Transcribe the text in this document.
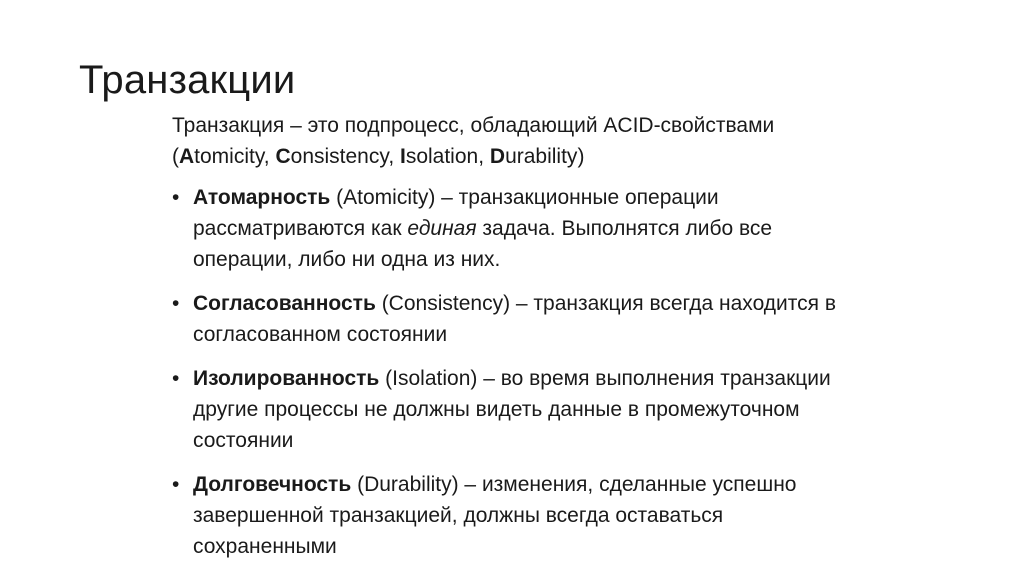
Транзакции

Транзакция – это подпроцесс, обладающий ACID-свойствами (Atomicity, Consistency, Isolation, Durability)

• Атомарность (Atomicity) – транзакционные операции рассматриваются как единая задача. Выполнятся либо все операции, либо ни одна из них.
• Согласованность (Consistency) – транзакция всегда находится в согласованном состоянии
• Изолированность (Isolation) – во время выполнения транзакции другие процессы не должны видеть данные в промежуточном состоянии
• Долговечность (Durability) – изменения, сделанные успешно завершенной транзакцией, должны всегда оставаться сохраненными
